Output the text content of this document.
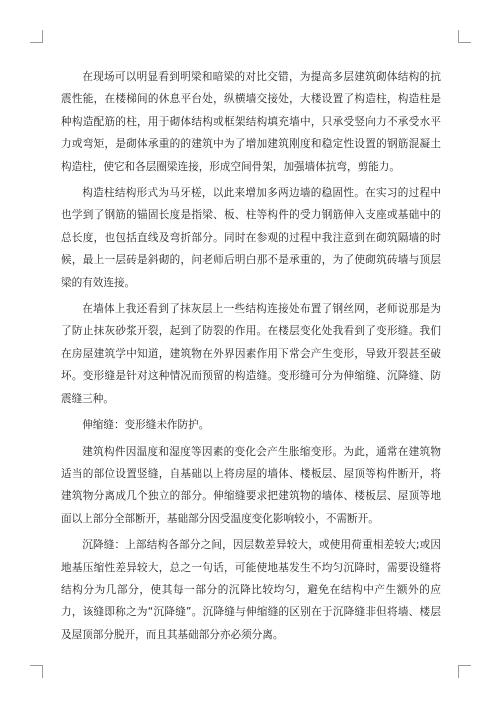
在现场可以明显看到明梁和暗梁的对比交错，为提高多层建筑砌体结构的抗震性能，在楼梯间的休息平台处，纵横墙交接处，大楼设置了构造柱，构造柱是种构造配筋的柱，用于砌体结构或框架结构填充墙中，只承受竖向力不承受水平力或弯矩，是砌体承重的的建筑中为了增加建筑刚度和稳定性设置的钢筋混凝土构造柱，使它和各层圈梁连接，形成空间骨架，加强墙体抗弯，剪能力。

构造柱结构形式为马牙槎，以此来增加多两边墙的稳固性。在实习的过程中也学到了钢筋的锚固长度是指梁、板、柱等构件的受力钢筋伸入支座或基础中的总长度，也包括直线及弯折部分。同时在参观的过程中我注意到在砌筑隔墙的时候，最上一层砖是斜砌的，问老师后明白那不是承重的，为了使砌筑砖墙与顶层梁的有效连接。

在墙体上我还看到了抹灰层上一些结构连接处布置了钢丝网，老师说那是为了防止抹灰砂浆开裂，起到了防裂的作用。在楼层变化处我看到了变形缝。我们在房屋建筑学中知道，建筑物在外界因素作用下常会产生变形，导致开裂甚至破坏。变形缝是针对这种情况而预留的构造缝。变形缝可分为伸缩缝、沉降缝、防震缝三种。

伸缩缝：变形缝未作防护。

建筑构件因温度和湿度等因素的变化会产生胀缩变形。为此，通常在建筑物适当的部位设置竖缝，自基础以上将房屋的墙体、楼板层、屋顶等构件断开，将建筑物分离成几个独立的部分。伸缩缝要求把建筑物的墙体、楼板层、屋顶等地面以上部分全部断开，基础部分因受温度变化影响较小，不需断开。

沉降缝：上部结构各部分之间，因层数差异较大，或使用荷重相差较大;或因地基压缩性差异较大，总之一句话，可能使地基发生不均匀沉降时，需要设缝将结构分为几部分，使其每一部分的沉降比较均匀，避免在结构中产生额外的应力，该缝即称之为“沉降缝”。沉降缝与伸缩缝的区别在于沉降缝非但将墙、楼层及屋顶部分脱开，而且其基础部分亦必须分离。
